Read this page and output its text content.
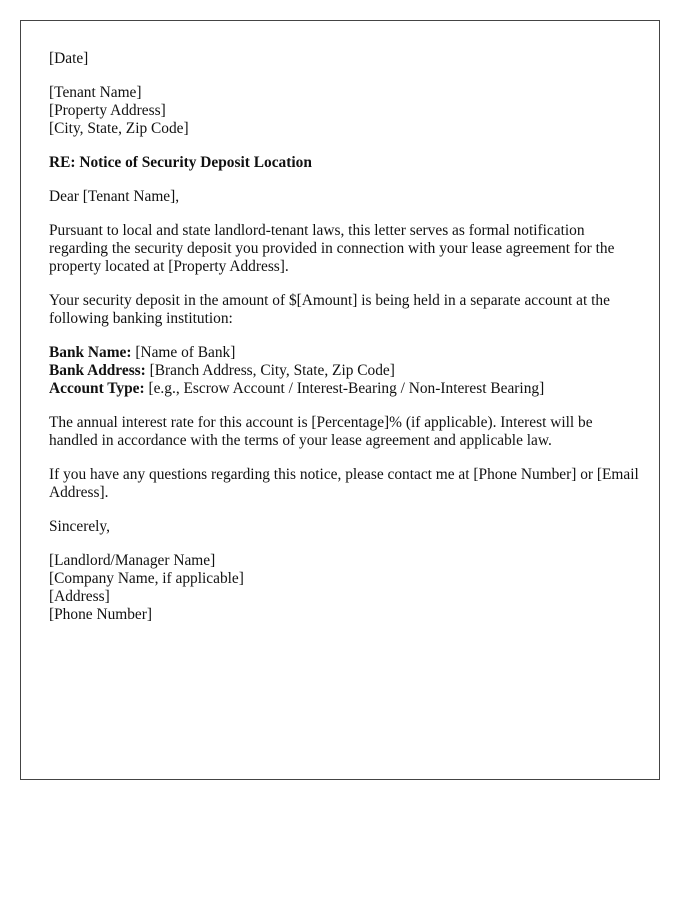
[Date]

[Tenant Name]
[Property Address]
[City, State, Zip Code]

RE: Notice of Security Deposit Location

Dear [Tenant Name],

Pursuant to local and state landlord-tenant laws, this letter serves as formal notification regarding the security deposit you provided in connection with your lease agreement for the property located at [Property Address].

Your security deposit in the amount of $[Amount] is being held in a separate account at the following banking institution:

Bank Name: [Name of Bank]
Bank Address: [Branch Address, City, State, Zip Code]
Account Type: [e.g., Escrow Account / Interest-Bearing / Non-Interest Bearing]

The annual interest rate for this account is [Percentage]% (if applicable). Interest will be handled in accordance with the terms of your lease agreement and applicable law.

If you have any questions regarding this notice, please contact me at [Phone Number] or [Email Address].

Sincerely,

[Landlord/Manager Name]
[Company Name, if applicable]
[Address]
[Phone Number]
